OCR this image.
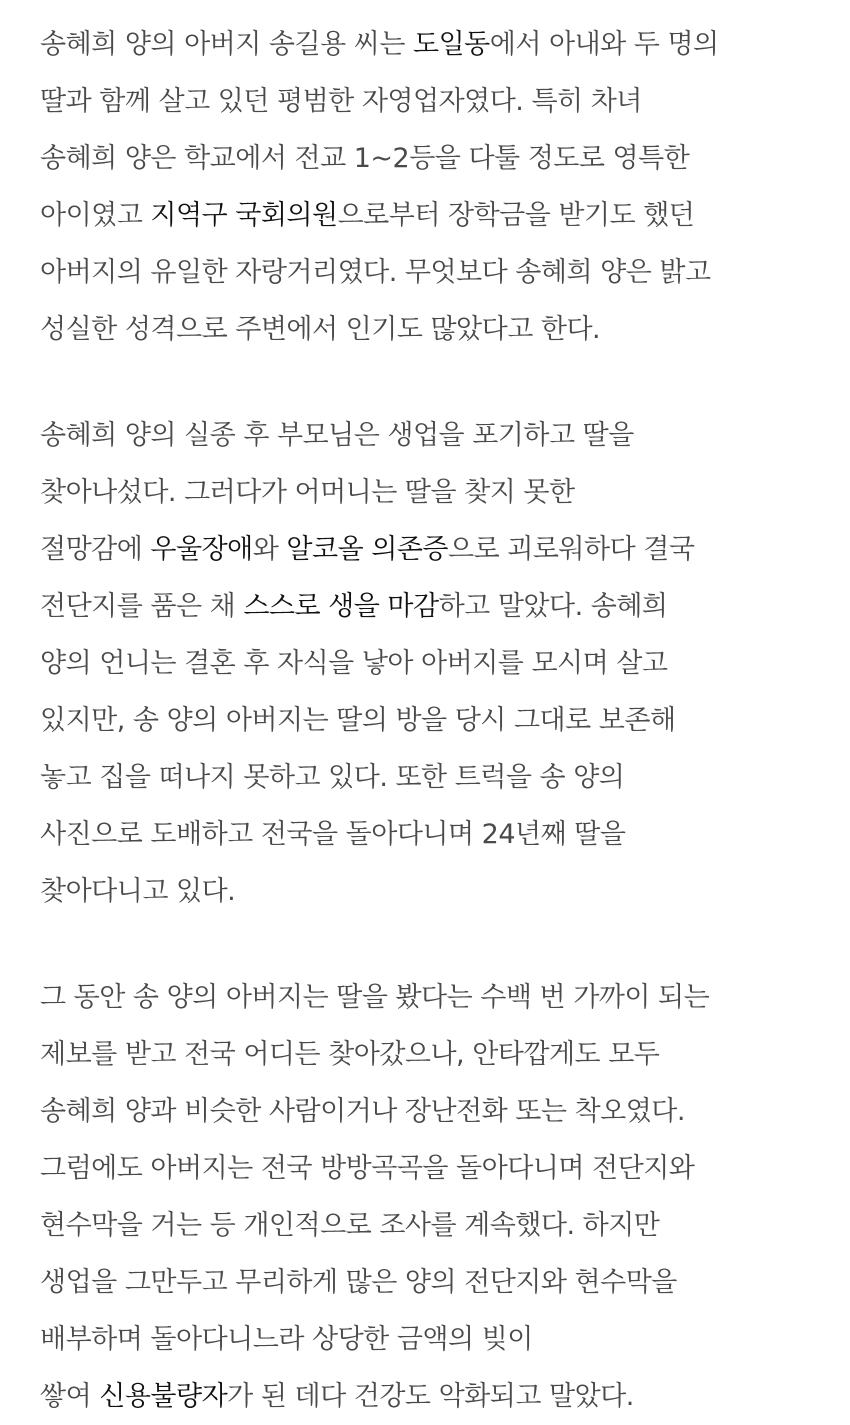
송혜희 양의 아버지 송길용 씨는 도일동에서 아내와 두 명의
딸과 함께 살고 있던 평범한 자영업자였다. 특히 차녀
송혜희 양은 학교에서 전교 1~2등을 다툴 정도로 영특한
아이였고 지역구 국회의원으로부터 장학금을 받기도 했던
아버지의 유일한 자랑거리였다. 무엇보다 송혜희 양은 밝고
성실한 성격으로 주변에서 인기도 많았다고 한다.
송혜희 양의 실종 후 부모님은 생업을 포기하고 딸을
찾아나섰다. 그러다가 어머니는 딸을 찾지 못한
절망감에 우울장애와 알코올 의존증으로 괴로워하다 결국
전단지를 품은 채 스스로 생을 마감하고 말았다. 송혜희
양의 언니는 결혼 후 자식을 낳아 아버지를 모시며 살고
있지만, 송 양의 아버지는 딸의 방을 당시 그대로 보존해
놓고 집을 떠나지 못하고 있다. 또한 트럭을 송 양의
사진으로 도배하고 전국을 돌아다니며 24년째 딸을
찾아다니고 있다.
그 동안 송 양의 아버지는 딸을 봤다는 수백 번 가까이 되는
제보를 받고 전국 어디든 찾아갔으나, 안타깝게도 모두
송혜희 양과 비슷한 사람이거나 장난전화 또는 착오였다.
그럼에도 아버지는 전국 방방곡곡을 돌아다니며 전단지와
현수막을 거는 등 개인적으로 조사를 계속했다. 하지만
생업을 그만두고 무리하게 많은 양의 전단지와 현수막을
배부하며 돌아다니느라 상당한 금액의 빚이
쌓여 신용불량자가 된 데다 건강도 악화되고 말았다.
